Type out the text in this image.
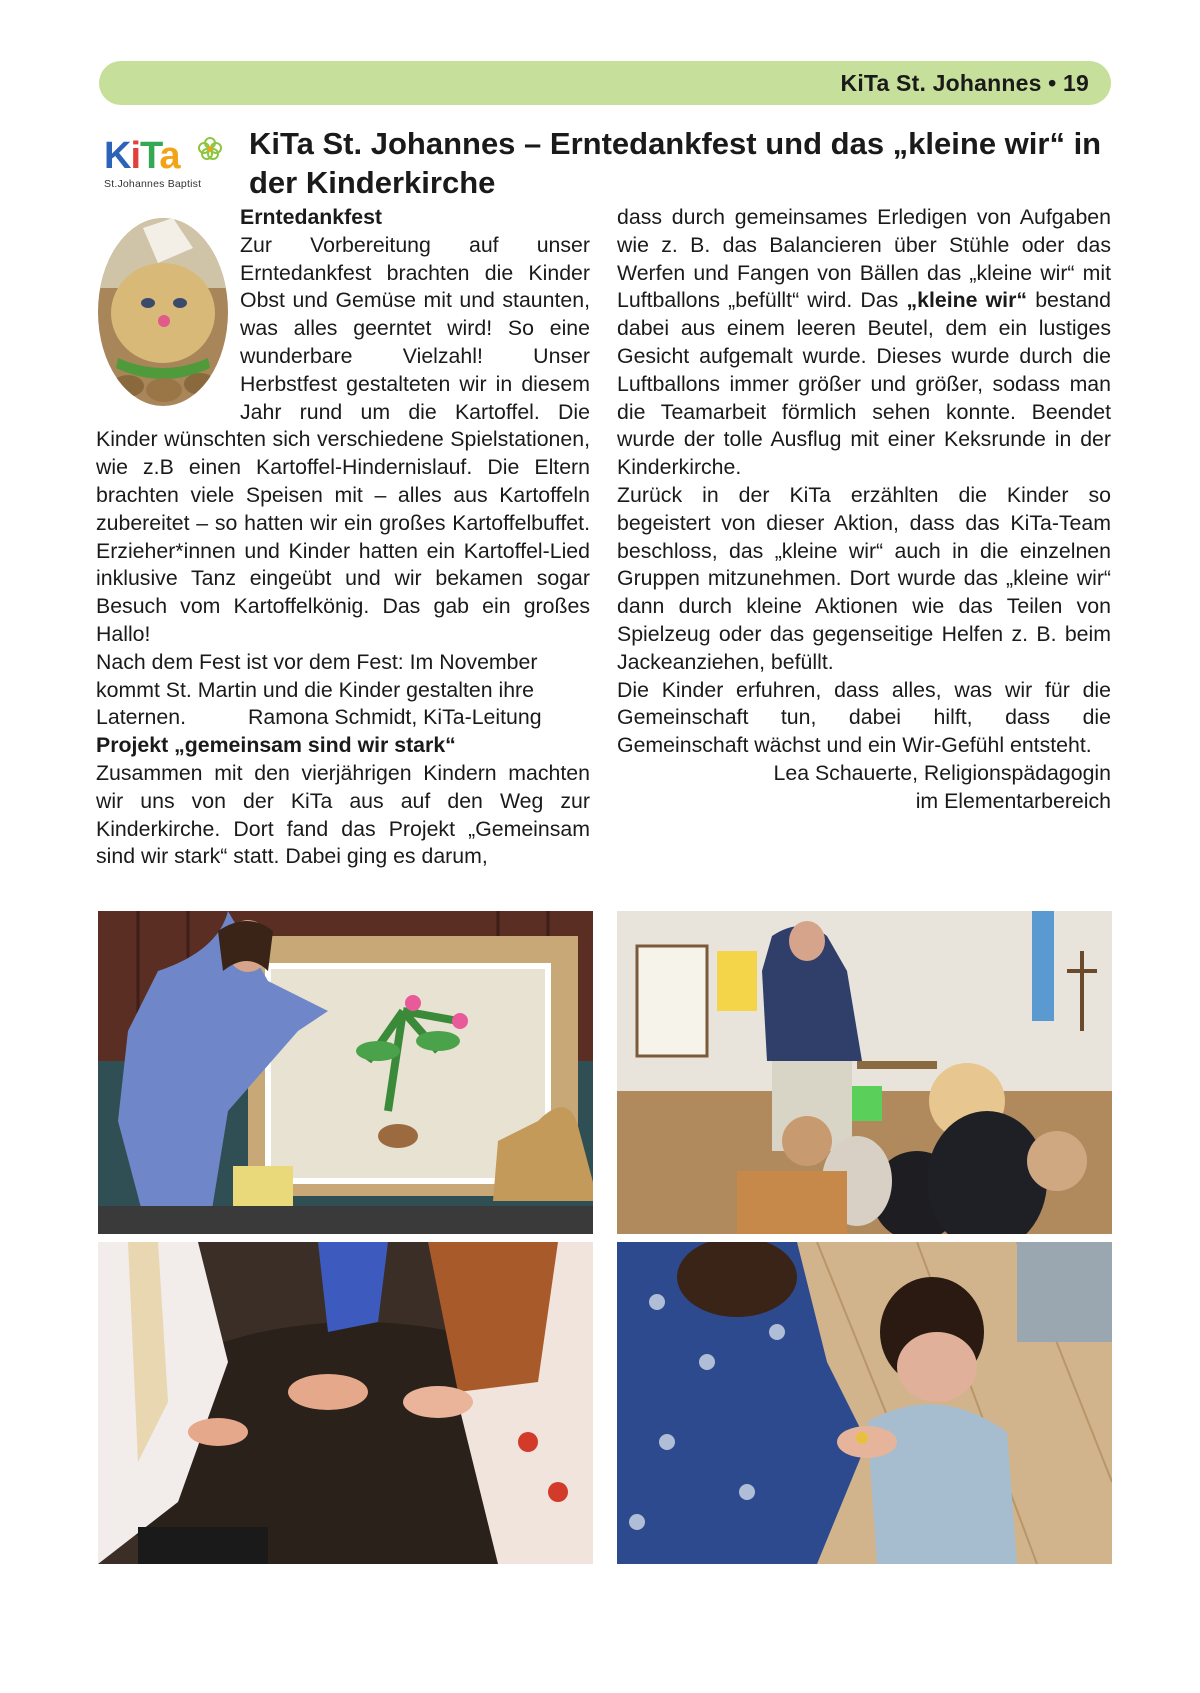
KiTa St. Johannes • 19
KiTa
St.Johannes Baptist
KiTa St. Johannes – Erntedankfest und das „kleine wir“ in der Kinderkirche

Erntedankfest

Zur Vorbereitung auf unser Erntedankfest brachten die Kinder Obst und Gemüse mit und staunten, was alles geerntet wird! So eine wunderbare Vielzahl! Unser Herbstfest gestalteten wir in diesem Jahr rund um die Kartoffel. Die Kinder wünschten sich verschiedene Spielstationen, wie z.B einen Kartoffel-Hindernislauf. Die Eltern brachten viele Speisen mit – alles aus Kartoffeln zubereitet – so hatten wir ein großes Kartoffelbuffet. Erzieher*innen und Kinder hatten ein Kartoffel-Lied inklusive Tanz eingeübt und wir bekamen sogar Besuch vom Kartoffelkönig. Das gab ein großes Hallo!

Nach dem Fest ist vor dem Fest: Im November kommt St. Martin und die Kinder gestalten ihre Laternen.	Ramona Schmidt, KiTa-Leitung

Projekt „gemeinsam sind wir stark“

Zusammen mit den vierjährigen Kindern machten wir uns von der KiTa aus auf den Weg zur Kinderkirche. Dort fand das Projekt „Gemeinsam sind wir stark“ statt. Dabei ging es darum,

dass durch gemeinsames Erledigen von Aufgaben wie z. B. das Balancieren über Stühle oder das Werfen und Fangen von Bällen das „kleine wir“ mit Luftballons „befüllt“ wird. Das „kleine wir“ bestand dabei aus einem leeren Beutel, dem ein lustiges Gesicht aufgemalt wurde. Dieses wurde durch die Luftballons immer größer und größer, sodass man die Teamarbeit förmlich sehen konnte. Beendet wurde der tolle Ausflug mit einer Keksrunde in der Kinderkirche.

Zurück in der KiTa erzählten die Kinder so begeistert von dieser Aktion, dass das KiTa-Team beschloss, das „kleine wir“ auch in die einzelnen Gruppen mitzunehmen. Dort wurde das „kleine wir“ dann durch kleine Aktionen wie das Teilen von Spielzeug oder das gegenseitige Helfen z. B. beim Jackeanziehen, befüllt.

Die Kinder erfuhren, dass alles, was wir für die Gemeinschaft tun, dabei hilft, dass die Gemeinschaft wächst und ein Wir-Gefühl entsteht.

Lea Schauerte, Religionspädagogin

im Elementarbereich
